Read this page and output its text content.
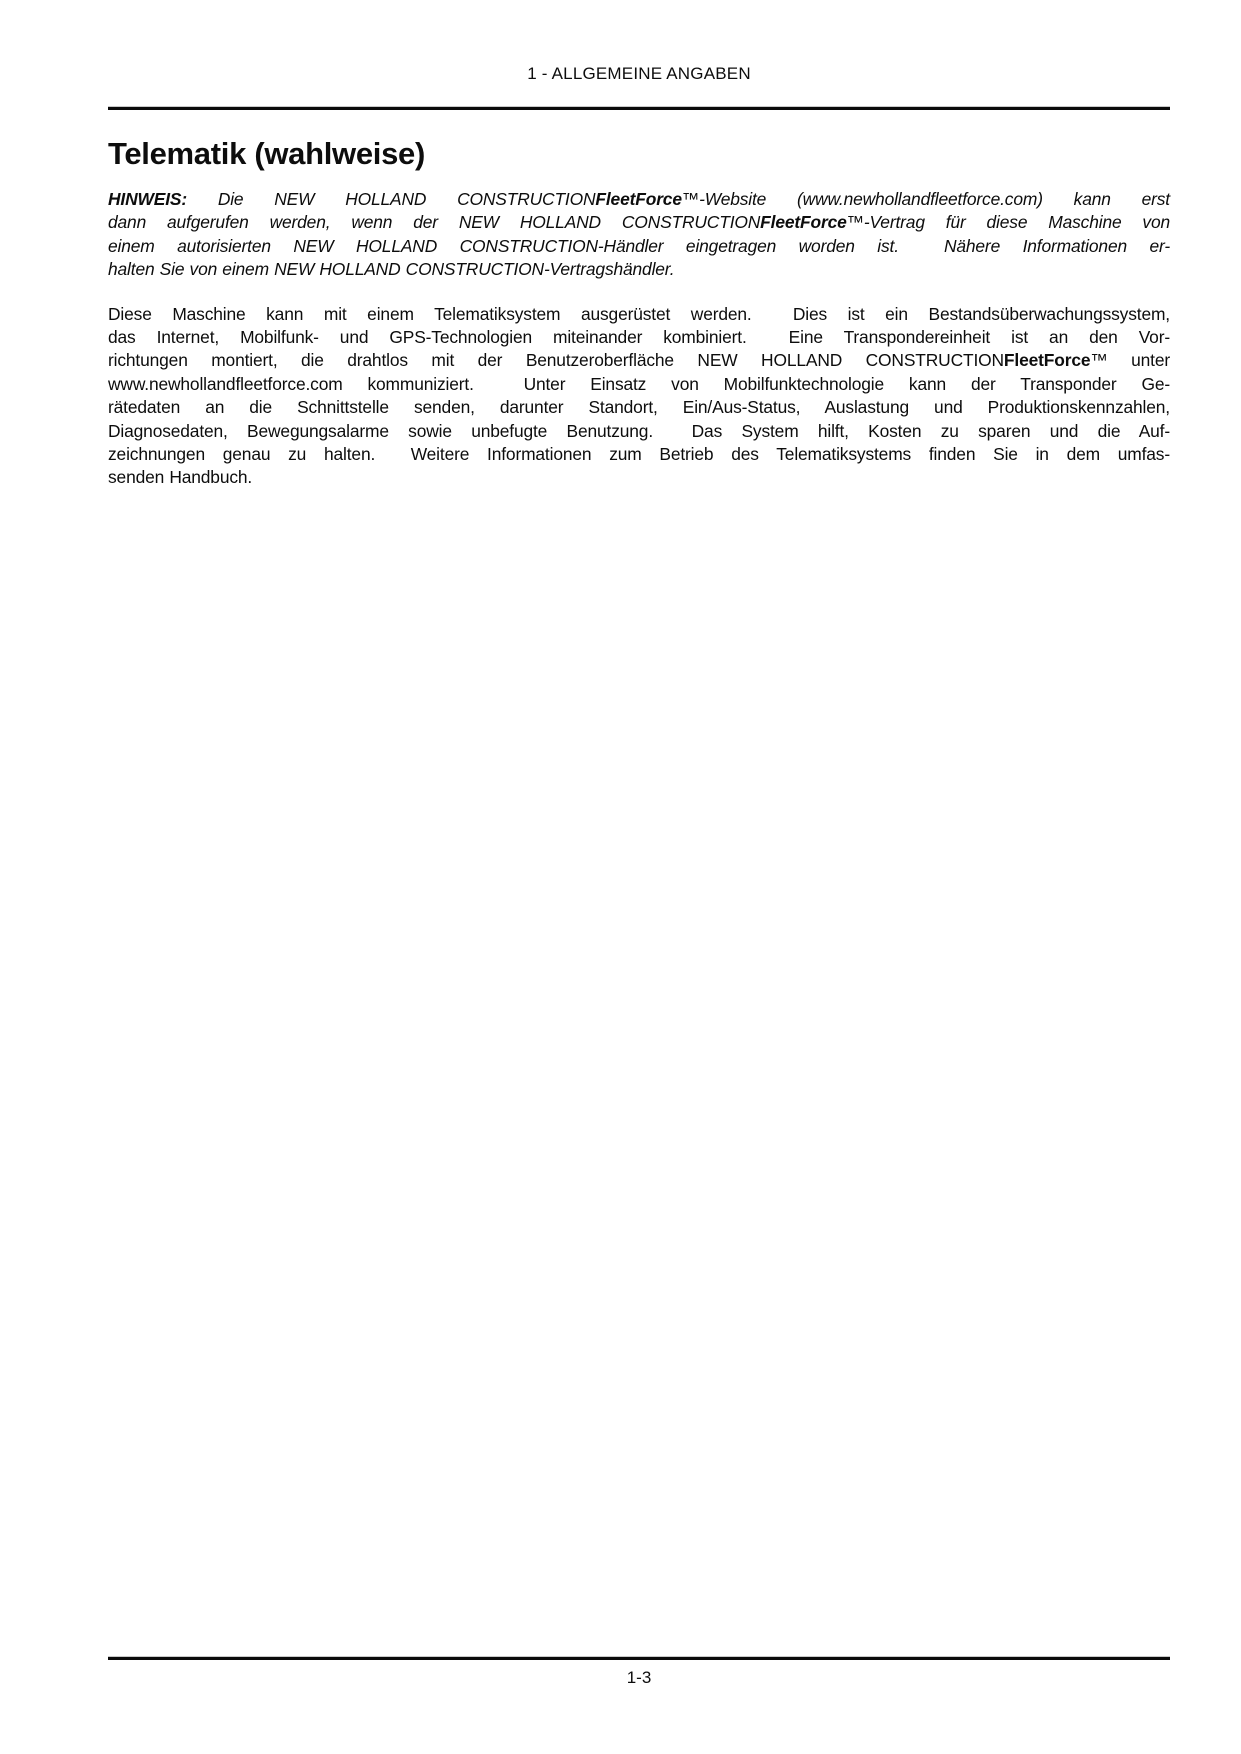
1 - ALLGEMEINE ANGABEN
Telematik (wahlweise)
HINWEIS: Die NEW HOLLAND CONSTRUCTIONFleetForce™-Website (www.newhollandfleetforce.com) kann erst
dann aufgerufen werden, wenn der NEW HOLLAND CONSTRUCTIONFleetForce™-Vertrag für diese Maschine von
einem autorisierten NEW HOLLAND CONSTRUCTION-Händler eingetragen worden ist.  Nähere Informationen er-
halten Sie von einem NEW HOLLAND CONSTRUCTION-Vertragshändler.
Diese Maschine kann mit einem Telematiksystem ausgerüstet werden.  Dies ist ein Bestandsüberwachungssystem,
das Internet, Mobilfunk- und GPS-Technologien miteinander kombiniert.  Eine Transpondereinheit ist an den Vor-
richtungen montiert, die drahtlos mit der Benutzeroberfläche NEW HOLLAND CONSTRUCTIONFleetForce™ unter
www.newhollandfleetforce.com kommuniziert.  Unter Einsatz von Mobilfunktechnologie kann der Transponder Ge-
rätedaten an die Schnittstelle senden, darunter Standort, Ein/Aus-Status, Auslastung und Produktionskennzahlen,
Diagnosedaten, Bewegungsalarme sowie unbefugte Benutzung.  Das System hilft, Kosten zu sparen und die Auf-
zeichnungen genau zu halten.  Weitere Informationen zum Betrieb des Telematiksystems finden Sie in dem umfas-
senden Handbuch.
1-3
